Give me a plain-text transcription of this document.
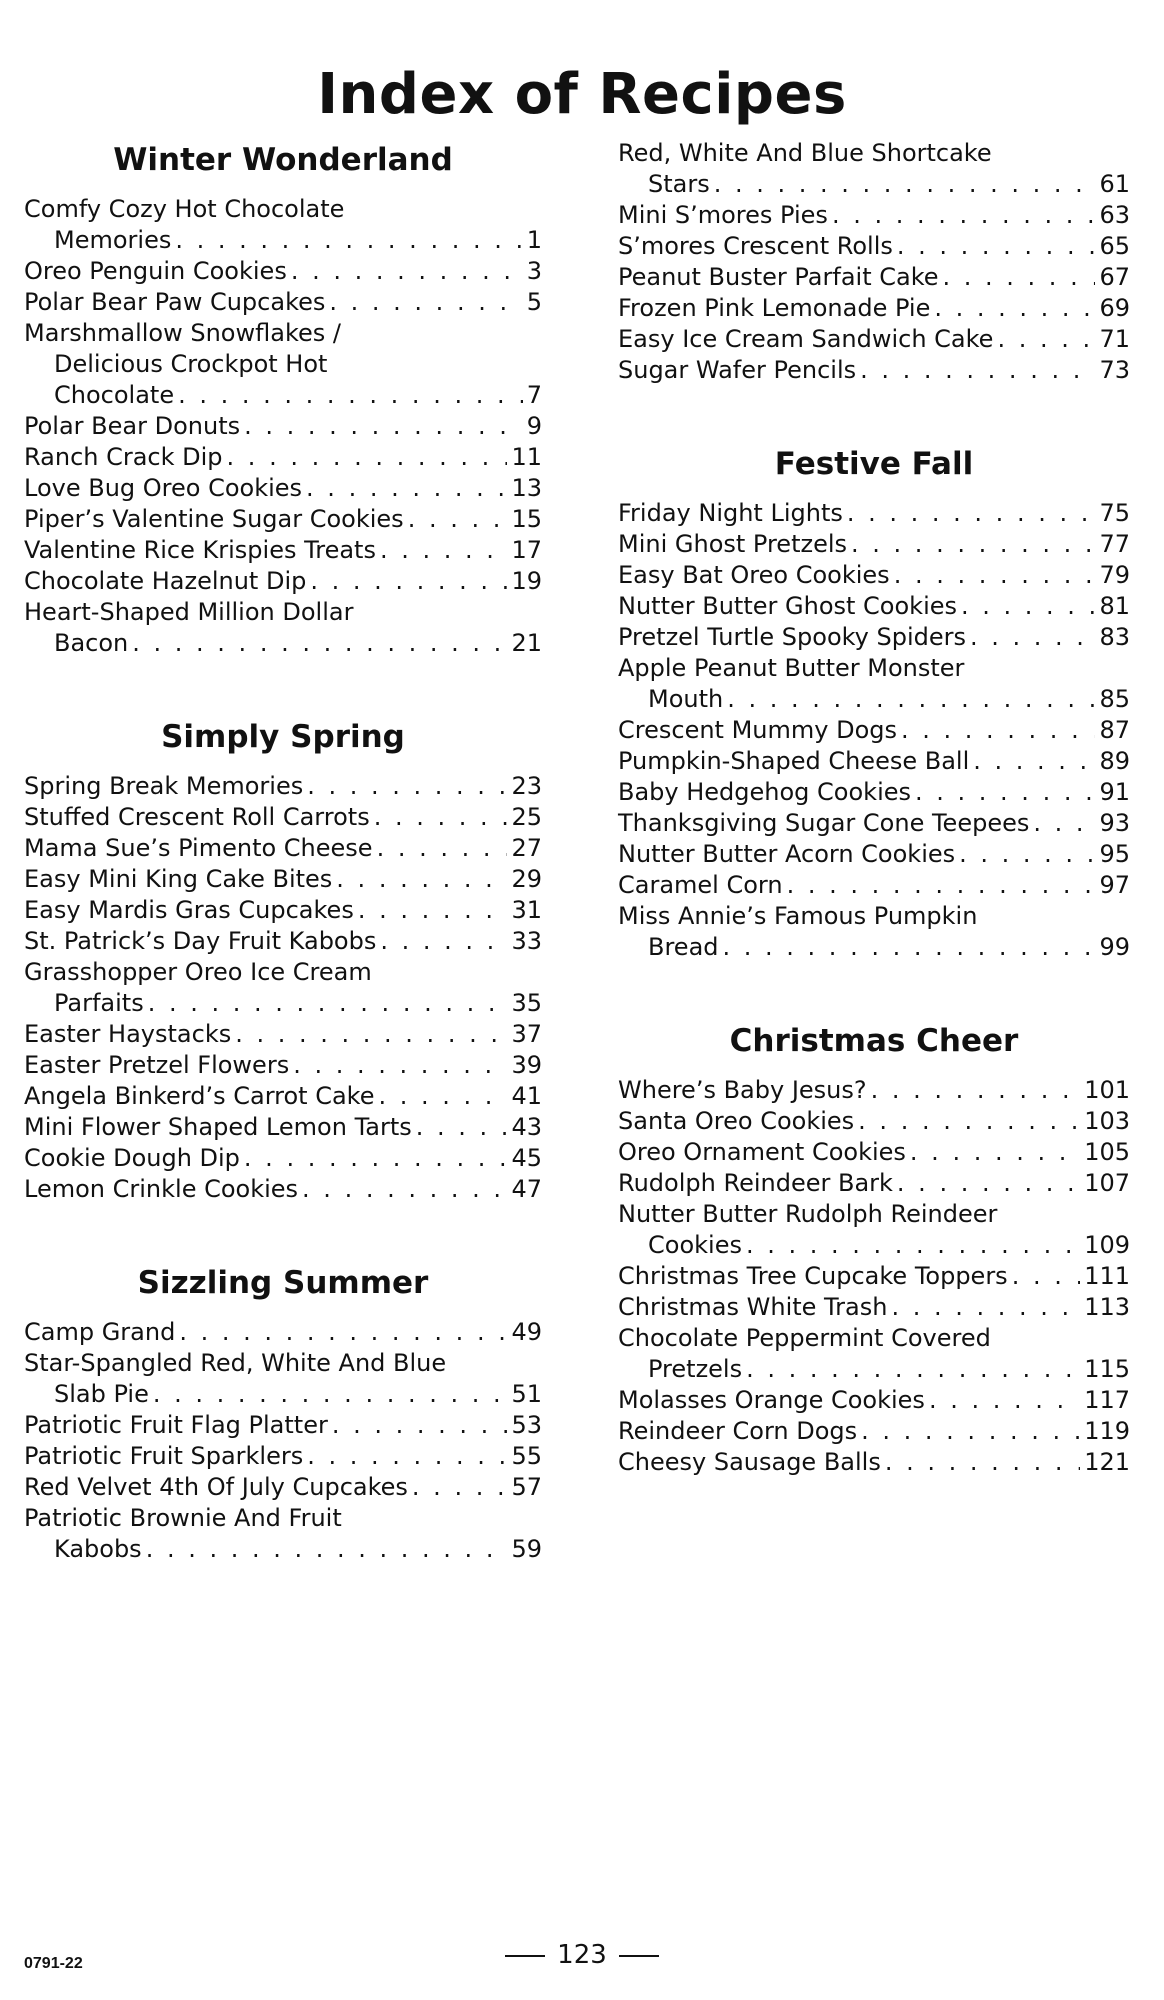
Index of Recipes
Winter Wonderland
Comfy Cozy Hot Chocolate
Memories . . .	1
Oreo Penguin Cookies . . .	3
Polar Bear Paw Cupcakes . . .	5
Marshmallow Snowflakes /
Delicious Crockpot Hot
Chocolate . . .	7
Polar Bear Donuts . . .	9
Ranch Crack Dip . . .	11
Love Bug Oreo Cookies . . .	13
Piper’s Valentine Sugar Cookies . . .	15
Valentine Rice Krispies Treats . . .	17
Chocolate Hazelnut Dip . . .	19
Heart-Shaped Million Dollar
Bacon . . .	21
Simply Spring
Spring Break Memories . . .	23
Stuffed Crescent Roll Carrots . . .	25
Mama Sue’s Pimento Cheese . . .	27
Easy Mini King Cake Bites . . .	29
Easy Mardis Gras Cupcakes . . .	31
St. Patrick’s Day Fruit Kabobs . . .	33
Grasshopper Oreo Ice Cream
Parfaits . . .	35
Easter Haystacks . . .	37
Easter Pretzel Flowers . . .	39
Angela Binkerd’s Carrot Cake . . .	41
Mini Flower Shaped Lemon Tarts . . .	43
Cookie Dough Dip . . .	45
Lemon Crinkle Cookies . . .	47
Sizzling Summer
Camp Grand . . .	49
Star-Spangled Red, White And Blue
Slab Pie . . .	51
Patriotic Fruit Flag Platter . . .	53
Patriotic Fruit Sparklers . . .	55
Red Velvet 4th Of July Cupcakes . . .	57
Patriotic Brownie And Fruit
Kabobs . . .	59
Red, White And Blue Shortcake
Stars . . .	61
Mini S’mores Pies . . .	63
S’mores Crescent Rolls . . .	65
Peanut Buster Parfait Cake . . .	67
Frozen Pink Lemonade Pie . . .	69
Easy Ice Cream Sandwich Cake . . .	71
Sugar Wafer Pencils . . .	73
Festive Fall
Friday Night Lights . . .	75
Mini Ghost Pretzels . . .	77
Easy Bat Oreo Cookies . . .	79
Nutter Butter Ghost Cookies . . .	81
Pretzel Turtle Spooky Spiders . . .	83
Apple Peanut Butter Monster
Mouth . . .	85
Crescent Mummy Dogs . . .	87
Pumpkin-Shaped Cheese Ball . . .	89
Baby Hedgehog Cookies . . .	91
Thanksgiving Sugar Cone Teepees . . .	93
Nutter Butter Acorn Cookies . . .	95
Caramel Corn . . .	97
Miss Annie’s Famous Pumpkin
Bread . . .	99
Christmas Cheer
Where’s Baby Jesus? . . .	101
Santa Oreo Cookies . . .	103
Oreo Ornament Cookies . . .	105
Rudolph Reindeer Bark . . .	107
Nutter Butter Rudolph Reindeer
Cookies . . .	109
Christmas Tree Cupcake Toppers . . .	111
Christmas White Trash . . .	113
Chocolate Peppermint Covered
Pretzels . . .	115
Molasses Orange Cookies . . .	117
Reindeer Corn Dogs . . .	119
Cheesy Sausage Balls . . .	121
0791-22	123
